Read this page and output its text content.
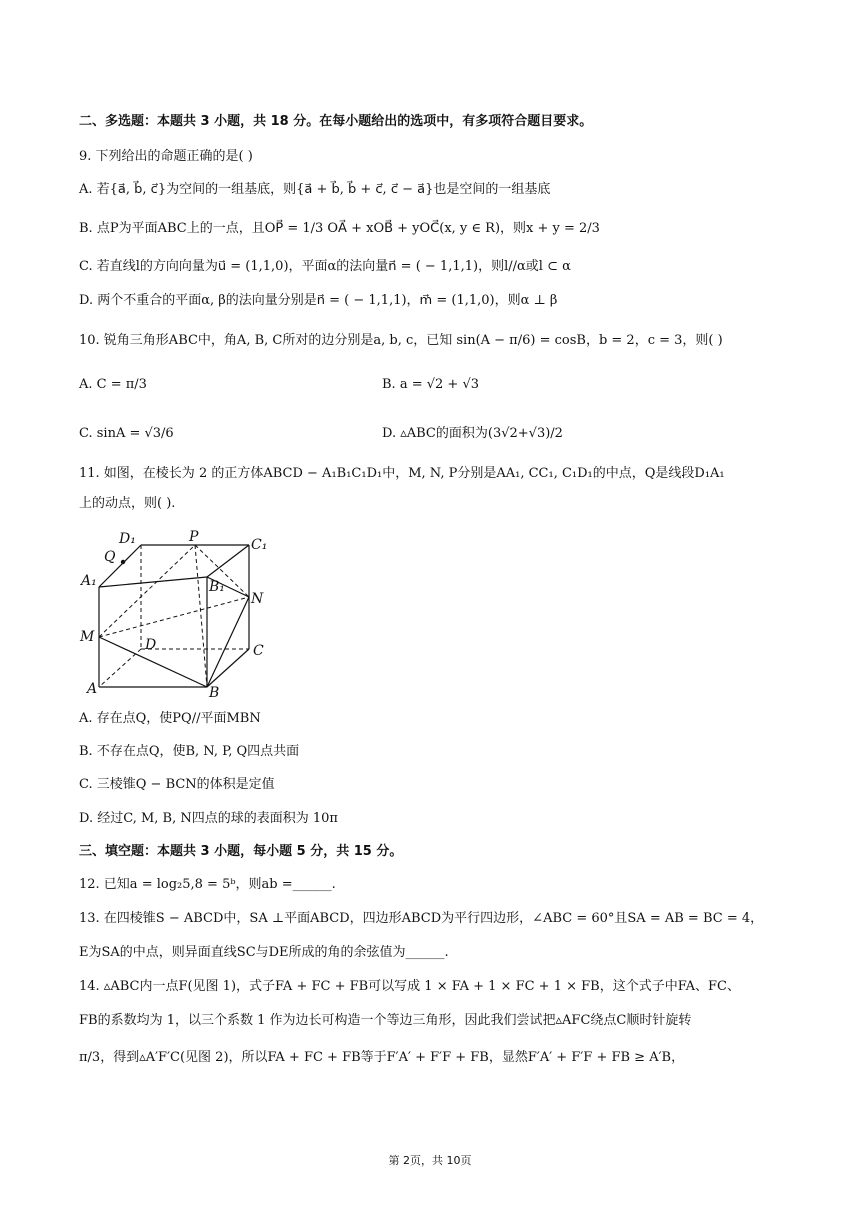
二、多选题：本题共 3 小题，共 18 分。在每小题给出的选项中，有多项符合题目要求。
9. 下列给出的命题正确的是( )
A. 若{a⃗, b⃗, c⃗}为空间的一组基底，则{a⃗ + b⃗, b⃗ + c⃗, c⃗ − a⃗}也是空间的一组基底
B. 点P为平面ABC上的一点，且OP⃗ = 1/3 OA⃗ + xOB⃗ + yOC⃗(x, y ∈ R)，则x + y = 2/3
C. 若直线l的方向向量为u⃗ = (1,1,0)，平面α的法向量n⃗ = ( − 1,1,1)，则l//α或l ⊂ α
D. 两个不重合的平面α, β的法向量分别是n⃗ = ( − 1,1,1)，m⃗ = (1,1,0)，则α ⊥ β
10. 锐角三角形ABC中，角A, B, C所对的边分别是a, b, c，已知 sin(A − π/6) = cosB，b = 2，c = 3，则( )
A. C = π/3	B. a = √2 + √3
C. sinA = √3/6	D. ▵ABC的面积为(3√2+√3)/2
11. 如图，在棱长为 2 的正方体ABCD − A₁B₁C₁D₁中，M, N, P分别是AA₁, CC₁, C₁D₁的中点，Q是线段D₁A₁
上的动点，则( ).
A	B
C
D
A₁	B₁
C₁
D₁
M
N
P
Q
A. 存在点Q，使PQ//平面MBN
B. 不存在点Q，使B, N, P, Q四点共面
C. 三棱锥Q − BCN的体积是定值
D. 经过C, M, B, N四点的球的表面积为 10π
三、填空题：本题共 3 小题，每小题 5 分，共 15 分。
12. 已知a = log₂5,8 = 5ᵇ，则ab =______.
13. 在四棱锥S − ABCD中，SA ⊥平面ABCD，四边形ABCD为平行四边形，∠ABC = 60°且SA = AB = BC = 4，
E为SA的中点，则异面直线SC与DE所成的角的余弦值为______.
14. ▵ABC内一点F(见图 1)，式子FA + FC + FB可以写成 1 × FA + 1 × FC + 1 × FB，这个式子中FA、FC、
FB的系数均为 1，以三个系数 1 作为边长可构造一个等边三角形，因此我们尝试把▵AFC绕点C顺时针旋转
π/3，得到▵A′F′C(见图 2)，所以FA + FC + FB等于F′A′ + F′F + FB，显然F′A′ + F′F + FB ≥ A′B，
第 2页，共 10页
